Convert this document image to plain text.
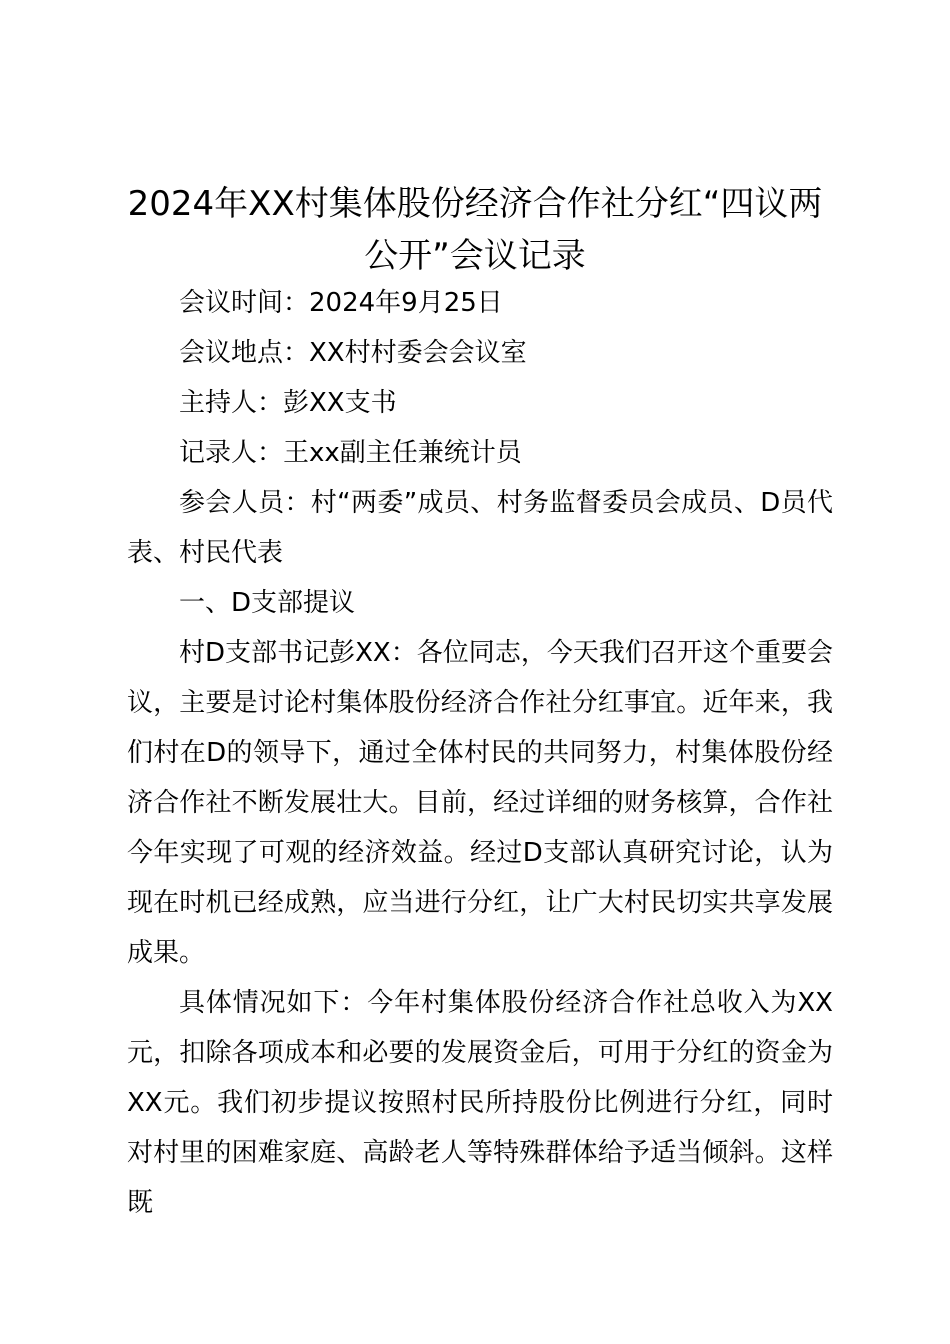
2024年XX村集体股份经济合作社分红“四议两公开”会议记录

会议时间：2024年9月25日

会议地点：XX村村委会会议室

主持人：彭XX支书

记录人：王xx副主任兼统计员

参会人员：村“两委”成员、村务监督委员会成员、D员代表、村民代表

一、D支部提议

村D支部书记彭XX：各位同志，今天我们召开这个重要会议，主要是讨论村集体股份经济合作社分红事宜。近年来，我们村在D的领导下，通过全体村民的共同努力，村集体股份经济合作社不断发展壮大。目前，经过详细的财务核算，合作社今年实现了可观的经济效益。经过D支部认真研究讨论，认为现在时机已经成熟，应当进行分红，让广大村民切实共享发展成果。

具体情况如下：今年村集体股份经济合作社总收入为XX元，扣除各项成本和必要的发展资金后，可用于分红的资金为XX元。我们初步提议按照村民所持股份比例进行分红，同时对村里的困难家庭、高龄老人等特殊群体给予适当倾斜。这样既
